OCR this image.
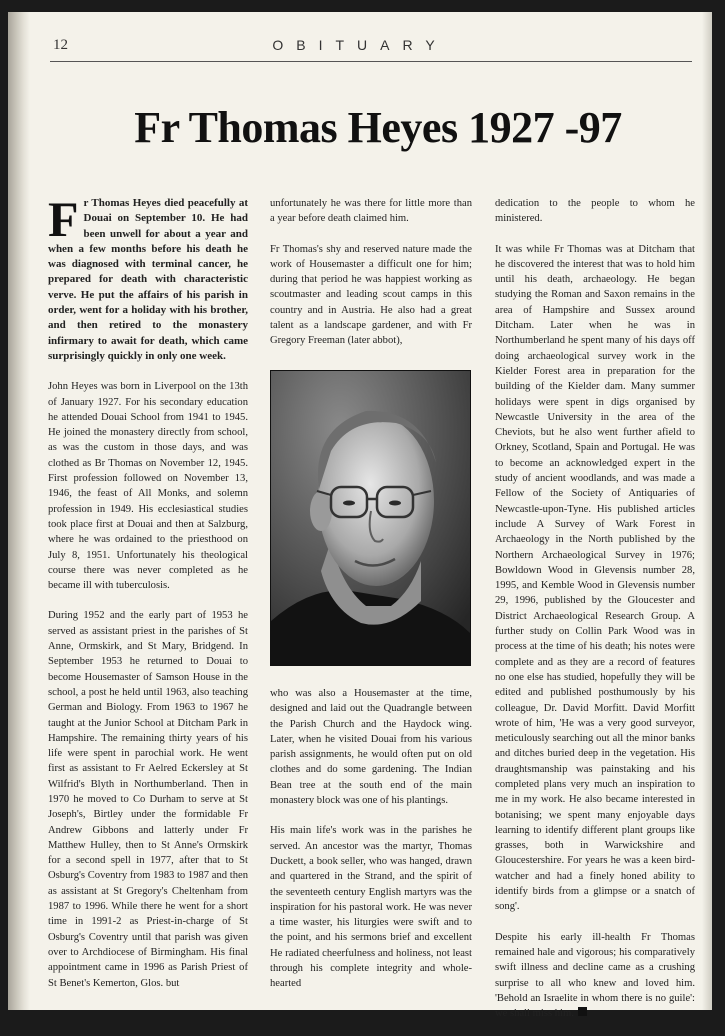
12	OBITUARY
Fr Thomas Heyes 1927 -97

Fr Thomas Heyes died peacefully at Douai on September 10. He had been unwell for about a year and when a few months before his death he was diagnosed with terminal cancer, he prepared for death with characteristic verve. He put the affairs of his parish in order, went for a holiday with his brother, and then retired to the monastery infirmary to await for death, which came surprisingly quickly in only one week.

John Heyes was born in Liverpool on the 13th of January 1927. For his secondary education he attended Douai School from 1941 to 1945. He joined the monastery directly from school, as was the custom in those days, and was clothed as Br Thomas on November 12, 1945. First profession followed on November 13, 1946, the feast of All Monks, and solemn profession in 1949. His ecclesiastical studies took place first at Douai and then at Salzburg, where he was ordained to the priesthood on July 8, 1951. Unfortunately his theological course there was never completed as he became ill with tuberculosis.

During 1952 and the early part of 1953 he served as assistant priest in the parishes of St Anne, Ormskirk, and St Mary, Bridgend. In September 1953 he returned to Douai to become Housemaster of Samson House in the school, a post he held until 1963, also teaching German and Biology. From 1963 to 1967 he taught at the Junior School at Ditcham Park in Hampshire. The remaining thirty years of his life were spent in parochial work. He went first as assistant to Fr Aelred Eckersley at St Wilfrid's Blyth in Northumberland. Then in 1970 he moved to Co Durham to serve at St Joseph's, Birtley under the formidable Fr Andrew Gibbons and latterly under Fr Matthew Hulley, then to St Anne's Ormskirk for a second spell in 1977, after that to St Osburg's Coventry from 1983 to 1987 and then as assistant at St Gregory's Cheltenham from 1987 to 1996. While there he went for a short time in 1991-2 as Priest-in-charge of St Osburg's Coventry until that parish was given over to Archdiocese of Birmingham. His final appointment came in 1996 as Parish Priest of St Benet's Kemerton, Glos. but

unfortunately he was there for little more than a year before death claimed him.

Fr Thomas's shy and reserved nature made the work of Housemaster a difficult one for him; during that period he was happiest working as scoutmaster and leading scout camps in this country and in Austria. He also had a great talent as a landscape gardener, and with Fr Gregory Freeman (later abbot),

who was also a Housemaster at the time, designed and laid out the Quadrangle between the Parish Church and the Haydock wing. Later, when he visited Douai from his various parish assignments, he would often put on old clothes and do some gardening. The Indian Bean tree at the south end of the main monastery block was one of his plantings.

His main life's work was in the parishes he served. An ancestor was the martyr, Thomas Duckett, a book seller, who was hanged, drawn and quartered in the Strand, and the spirit of the seventeeth century English martyrs was the inspiration for his pastoral work. He was never a time waster, his liturgies were swift and to the point, and his sermons brief and excellent He radiated cheerfulness and holiness, not least through his complete integrity and whole-hearted

dedication to the people to whom he ministered.

It was while Fr Thomas was at Ditcham that he discovered the interest that was to hold him until his death, archaeology. He began studying the Roman and Saxon remains in the area of Hampshire and Sussex around Ditcham. Later when he was in Northumberland he spent many of his days off doing archaeological survey work in the Kielder Forest area in preparation for the building of the Kielder dam. Many summer holidays were spent in digs organised by Newcastle University in the area of the Cheviots, but he also went further afield to Orkney, Scotland, Spain and Portugal. He was to become an acknowledged expert in the study of ancient woodlands, and was made a Fellow of the Society of Antiquaries of Newcastle-upon-Tyne. His published articles include A Survey of Wark Forest in Archaeology in the North published by the Northern Archaeological Survey in 1976; Bowldown Wood in Glevensis number 28, 1995, and Kemble Wood in Glevensis number 29, 1996, published by the Gloucester and District Archaeological Research Group. A further study on Collin Park Wood was in process at the time of his death; his notes were complete and as they are a record of features no one else has studied, hopefully they will be edited and published posthumously by his colleague, Dr. David Morfitt. David Morfitt wrote of him, 'He was a very good surveyor, meticulously searching out all the minor banks and ditches buried deep in the vegetation. His draughtsmanship was painstaking and his completed plans very much an inspiration to me in my work. He also became interested in botanising; we spent many enjoyable days learning to identify different plant groups like grasses, both in Warwickshire and Gloucestershire. For years he was a keen bird-watcher and had a finely honed ability to identify birds from a glimpse or a snatch of song'.

Despite his early ill-health Fr Thomas remained hale and vigorous; his comparatively swift illness and decline came as a crushing surprise to all who knew and loved him. 'Behold an Israelite in whom there is no guile': we shall miss him.
